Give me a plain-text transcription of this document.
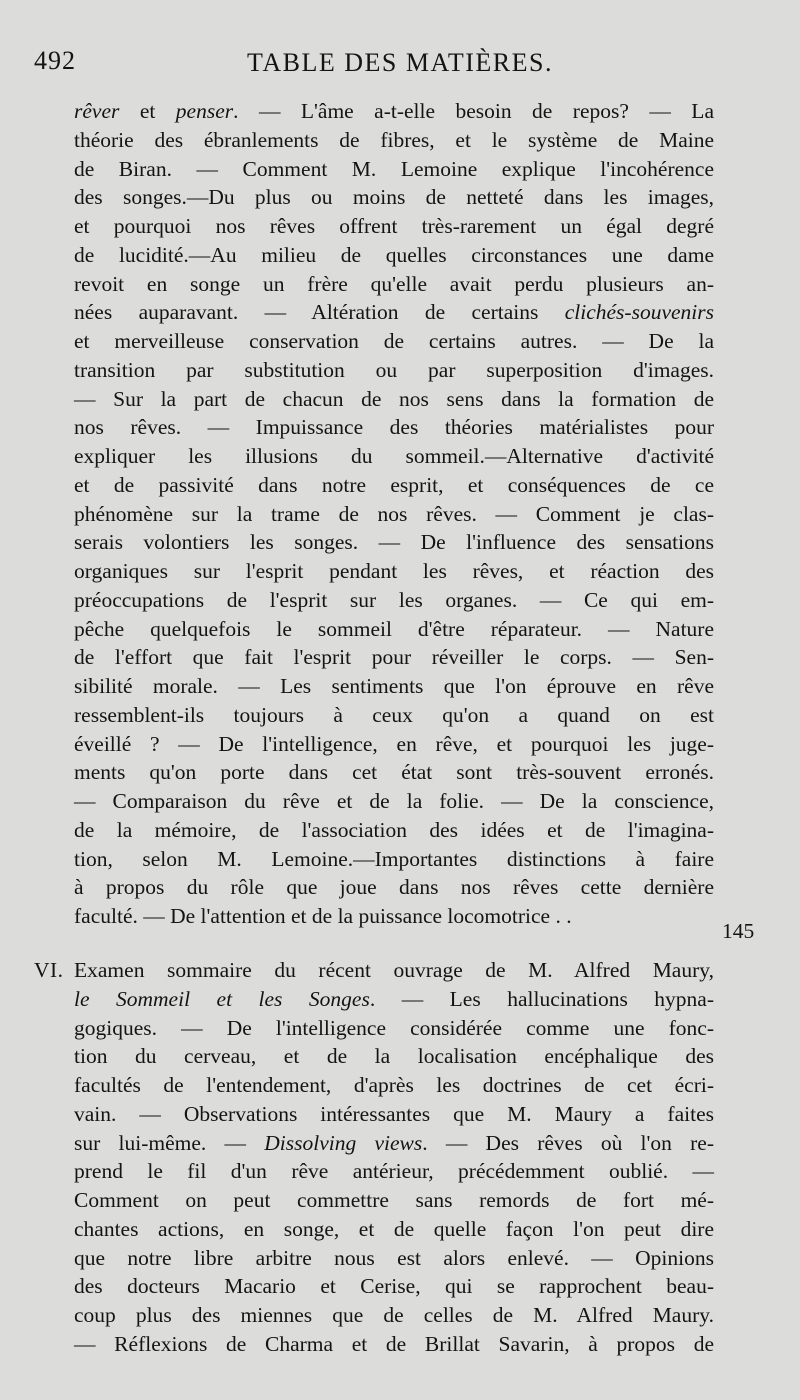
492	TABLE DES MATIÈRES.
rêver et penser. — L'âme a-t-elle besoin de repos? — La
théorie des ébranlements de fibres, et le système de Maine
de Biran. — Comment M. Lemoine explique l'incohérence
des songes.—Du plus ou moins de netteté dans les images,
et pourquoi nos rêves offrent très-rarement un égal degré
de lucidité.—Au milieu de quelles circonstances une dame
revoit en songe un frère qu'elle avait perdu plusieurs an-
nées auparavant. — Altération de certains clichés-souvenirs
et merveilleuse conservation de certains autres. — De la
transition par substitution ou par superposition d'images.
— Sur la part de chacun de nos sens dans la formation de
nos rêves. — Impuissance des théories matérialistes pour
expliquer les illusions du sommeil.—Alternative d'activité
et de passivité dans notre esprit, et conséquences de ce
phénomène sur la trame de nos rêves. — Comment je clas-
serais volontiers les songes. — De l'influence des sensations
organiques sur l'esprit pendant les rêves, et réaction des
préoccupations de l'esprit sur les organes. — Ce qui em-
pêche quelquefois le sommeil d'être réparateur. — Nature
de l'effort que fait l'esprit pour réveiller le corps. — Sen-
sibilité morale. — Les sentiments que l'on éprouve en rêve
ressemblent-ils toujours à ceux qu'on a quand on est
éveillé ? — De l'intelligence, en rêve, et pourquoi les juge-
ments qu'on porte dans cet état sont très-souvent erronés.
— Comparaison du rêve et de la folie. — De la conscience,
de la mémoire, de l'association des idées et de l'imagina-
tion, selon M. Lemoine.—Importantes distinctions à faire
à propos du rôle que joue dans nos rêves cette dernière
faculté. — De l'attention et de la puissance locomotrice . .
145
VI. Examen sommaire du récent ouvrage de M. Alfred Maury,
le Sommeil et les Songes. — Les hallucinations hypna-
gogiques. — De l'intelligence considérée comme une fonc-
tion du cerveau, et de la localisation encéphalique des
facultés de l'entendement, d'après les doctrines de cet écri-
vain. — Observations intéressantes que M. Maury a faites
sur lui-même. — Dissolving views. — Des rêves où l'on re-
prend le fil d'un rêve antérieur, précédemment oublié. —
Comment on peut commettre sans remords de fort mé-
chantes actions, en songe, et de quelle façon l'on peut dire
que notre libre arbitre nous est alors enlevé. — Opinions
des docteurs Macario et Cerise, qui se rapprochent beau-
coup plus des miennes que de celles de M. Alfred Maury.
— Réflexions de Charma et de Brillat Savarin, à propos de
